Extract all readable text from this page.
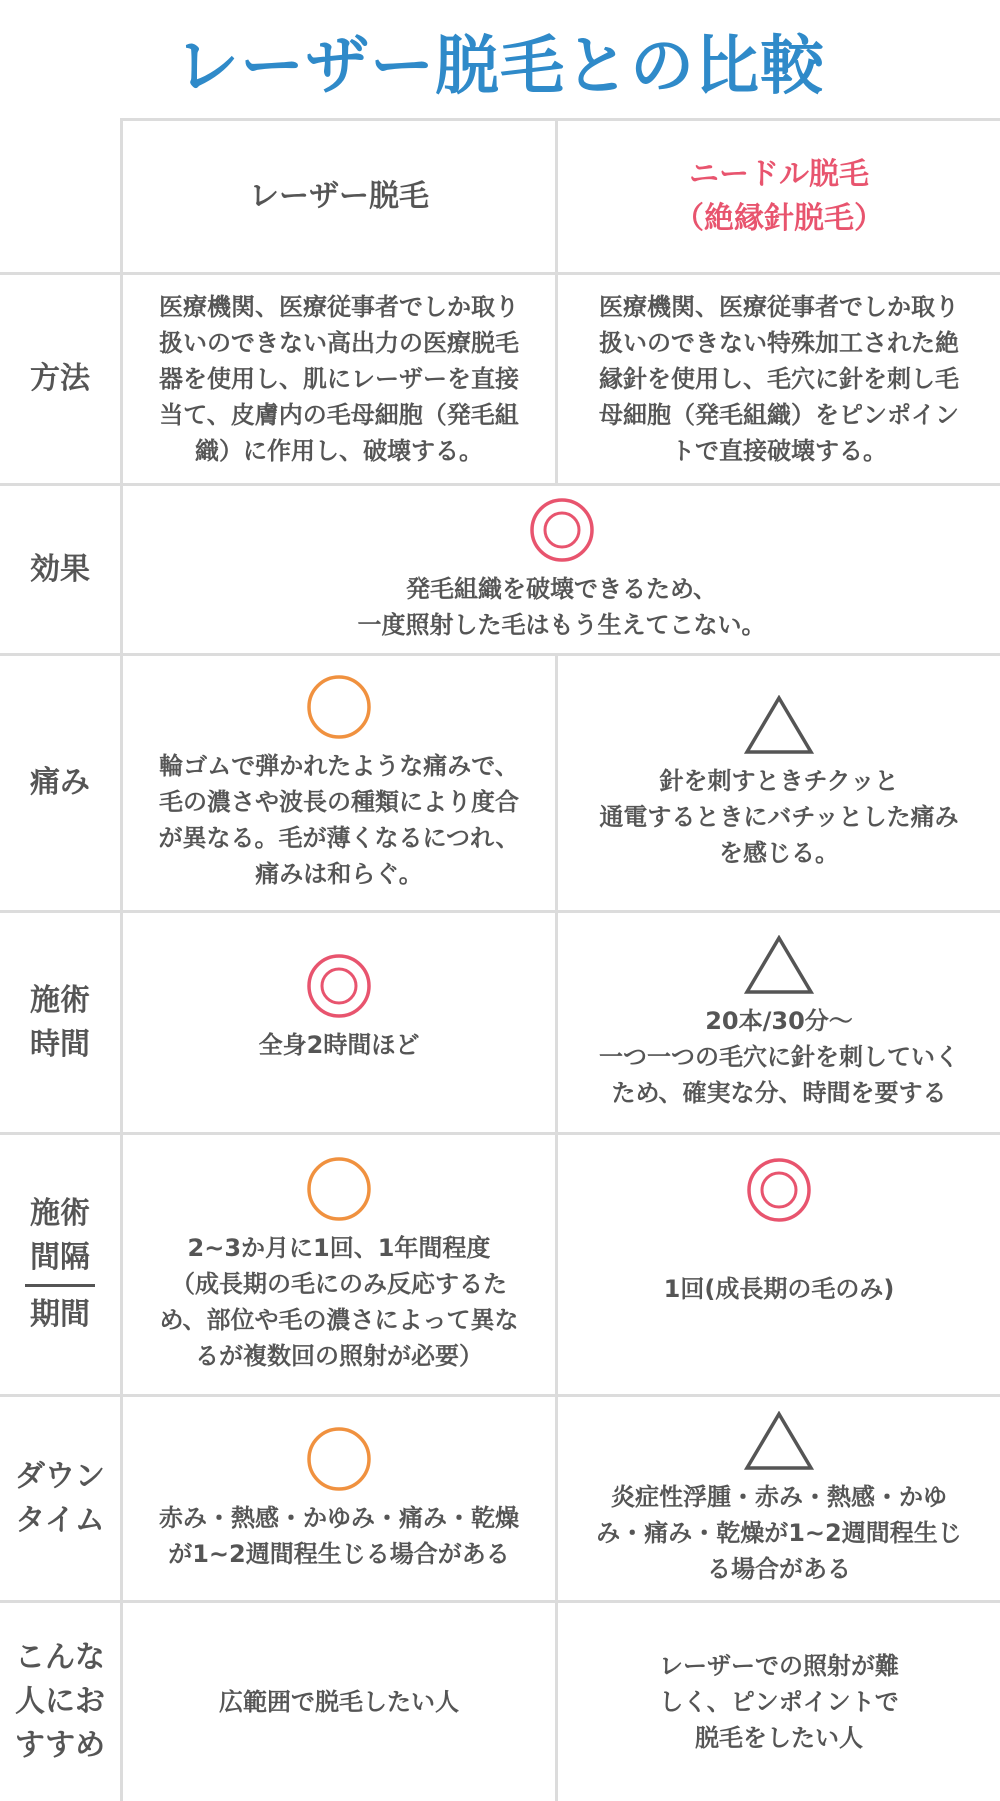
レーザー脱毛との比較
レーザー脱毛
ニードル脱毛
（絶縁針脱毛）
方法
医療機関、医療従事者でしか取り
扱いのできない高出力の医療脱毛
器を使用し、肌にレーザーを直接
当て、皮膚内の毛母細胞（発毛組
織）に作用し、破壊する。
医療機関、医療従事者でしか取り
扱いのできない特殊加工された絶
縁針を使用し、毛穴に針を刺し毛
母細胞（発毛組織）をピンポイン
トで直接破壊する。
効果
発毛組織を破壊できるため、
一度照射した毛はもう生えてこない。
痛み	輪ゴムで弾かれたような痛みで、
毛の濃さや波長の種類により度合
が異なる。毛が薄くなるにつれ、
痛みは和らぐ。
針を刺すときチクッと
通電するときにバチッとした痛み
を感じる。
施術
時間	全身2時間ほど
20本/30分～
一つ一つの毛穴に針を刺していく
ため、確実な分、時間を要する
施術
間隔
期間
2~3か月に1回、1年間程度
（成長期の毛にのみ反応するた
め、部位や毛の濃さによって異な
るが複数回の照射が必要）
1回(成長期の毛のみ)
ダウン
タイム 赤み・熱感・かゆみ・痛み・乾燥
が1~2週間程生じる場合がある
炎症性浮腫・赤み・熱感・かゆ
み・痛み・乾燥が1~2週間程生じ
る場合がある
こんな
人にお
すすめ
広範囲で脱毛したい人
レーザーでの照射が難
しく、ピンポイントで
脱毛をしたい人
